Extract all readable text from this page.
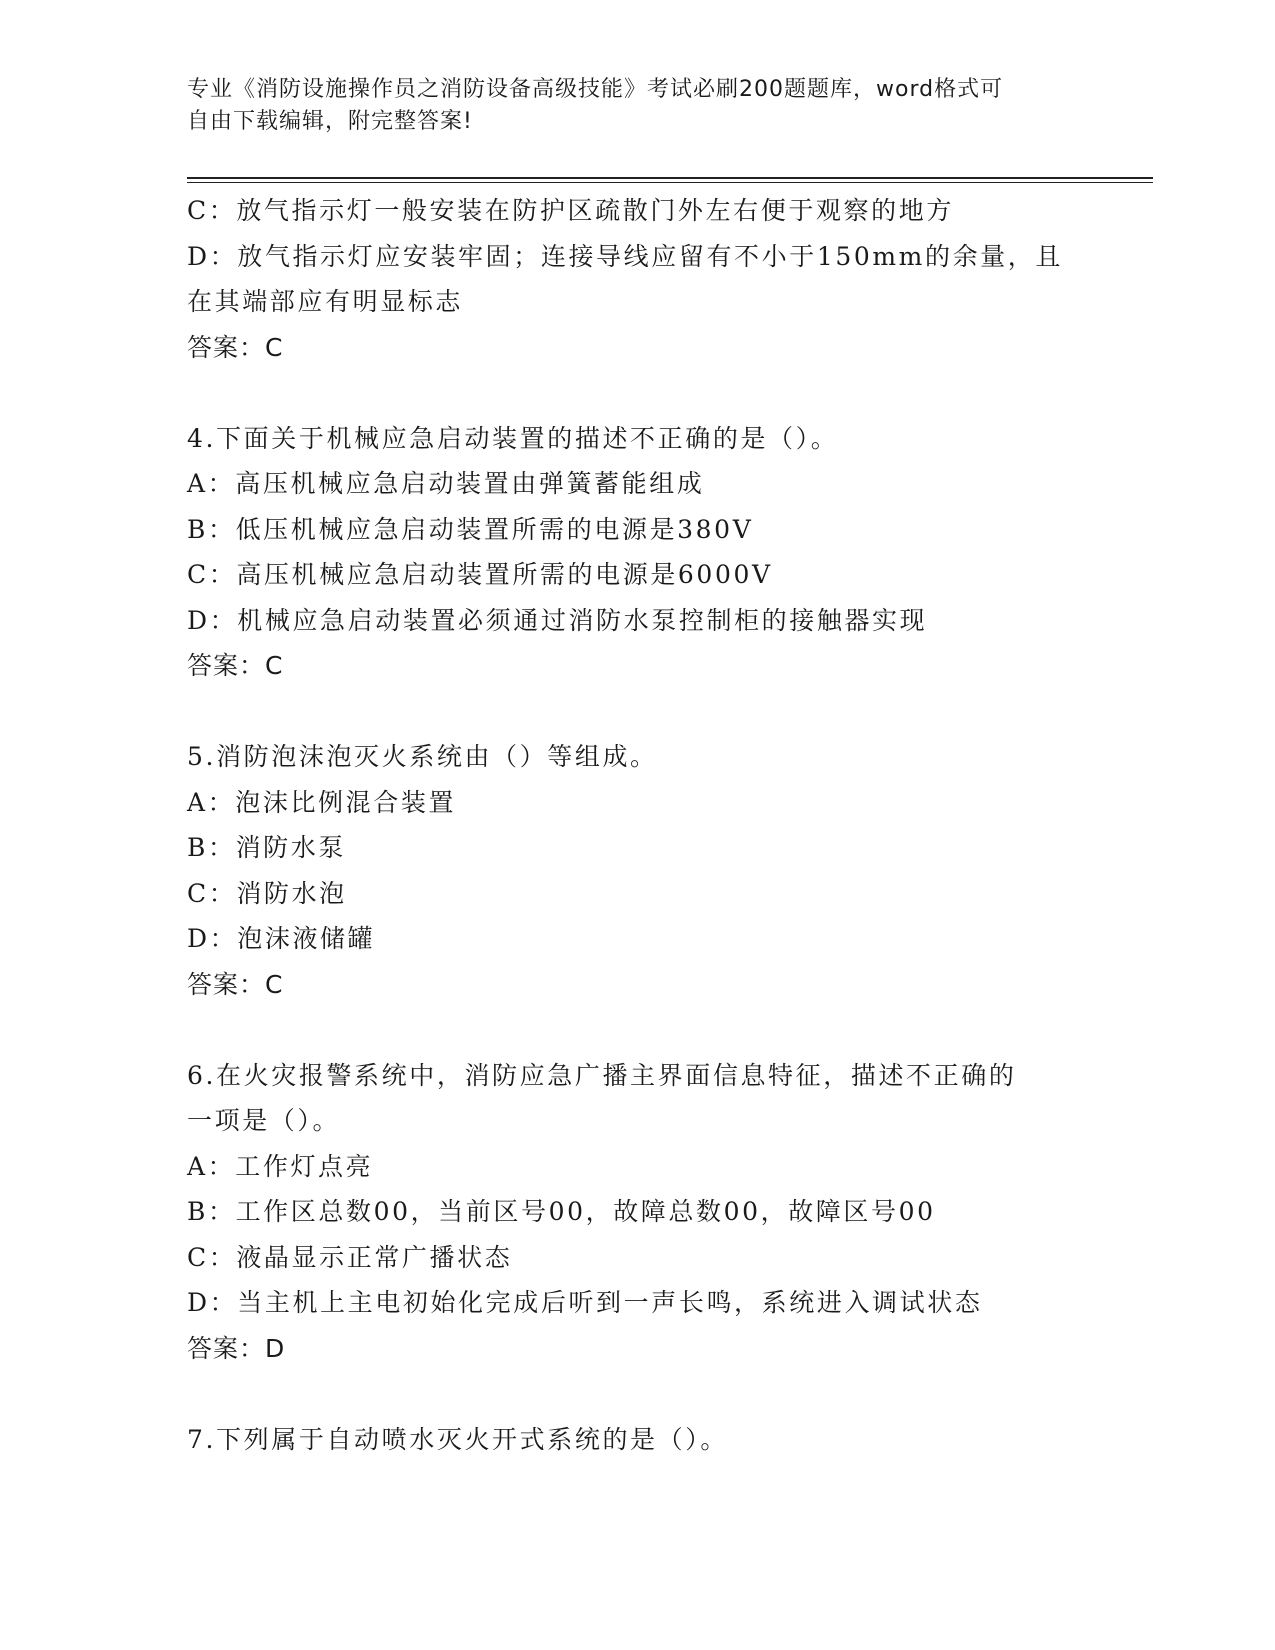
专业《消防设施操作员之消防设备高级技能》考试必刷200题题库，word格式可
自由下载编辑，附完整答案!
C：放气指示灯一般安装在防护区疏散门外左右便于观察的地方
D：放气指示灯应安装牢固；连接导线应留有不小于150mm的余量，且
在其端部应有明显标志
答案：C
4.下面关于机械应急启动装置的描述不正确的是（）。
A：高压机械应急启动装置由弹簧蓄能组成
B：低压机械应急启动装置所需的电源是380V
C：高压机械应急启动装置所需的电源是6000V
D：机械应急启动装置必须通过消防水泵控制柜的接触器实现
答案：C
5.消防泡沫泡灭火系统由（）等组成。
A：泡沫比例混合装置
B：消防水泵
C：消防水泡
D：泡沫液储罐
答案：C
6.在火灾报警系统中，消防应急广播主界面信息特征，描述不正确的
一项是（）。
A：工作灯点亮
B：工作区总数00，当前区号00，故障总数00，故障区号00
C：液晶显示正常广播状态
D：当主机上主电初始化完成后听到一声长鸣，系统进入调试状态
答案：D
7.下列属于自动喷水灭火开式系统的是（）。
